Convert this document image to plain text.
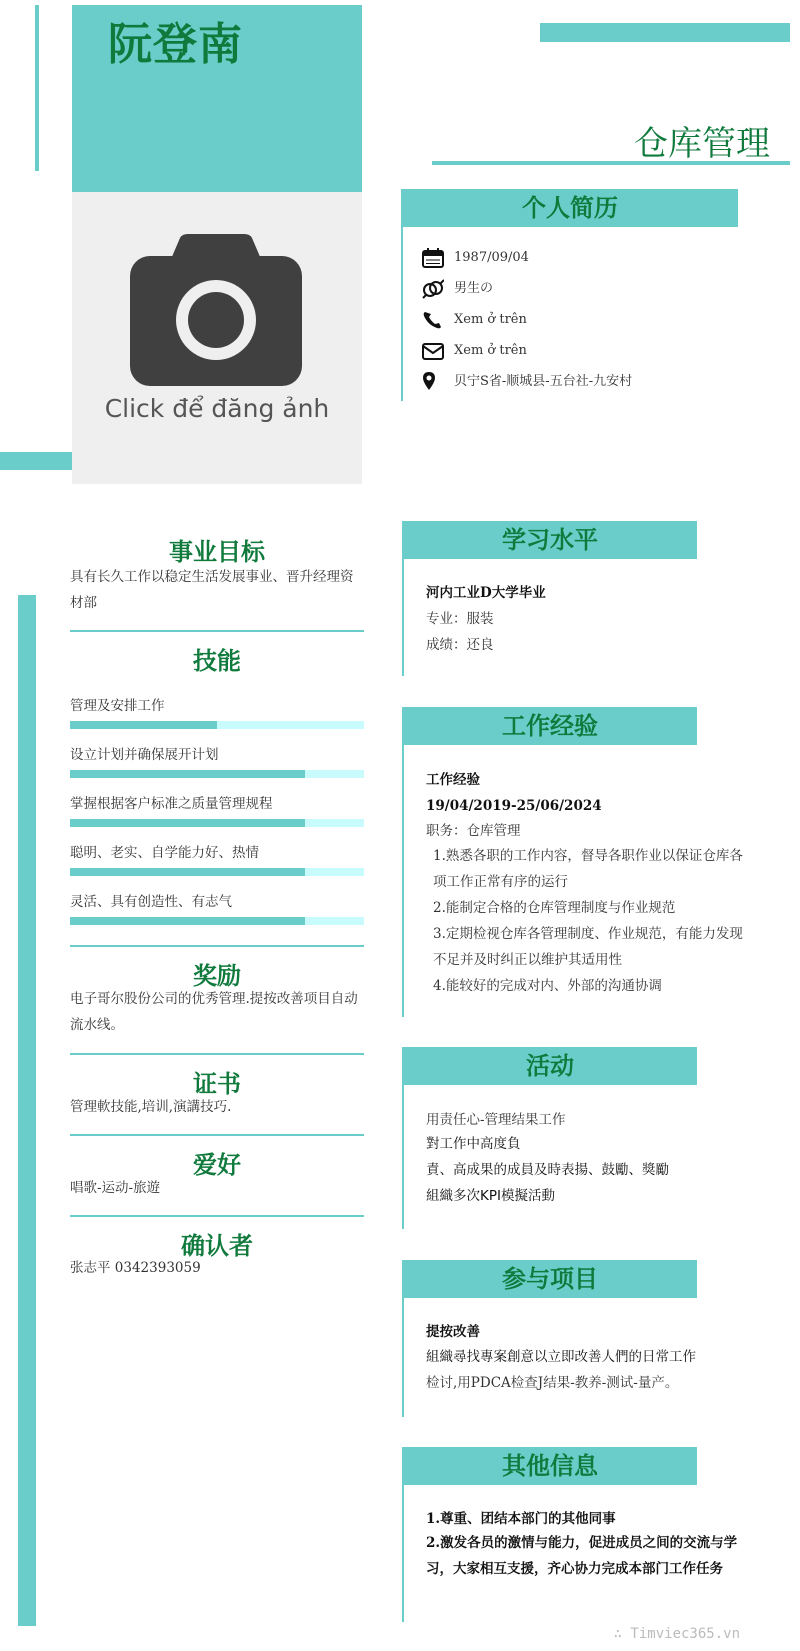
阮登南
仓库管理
Click để đăng ảnh
个人简历
1987/09/04
男生の
Xem ở trên
Xem ở trên
贝宁S省-顺城县-五台社-九安村
事业目标
具有长久工作以稳定生活发展事业、晋升经理资材部
技能
管理及安排工作
设立计划并确保展开计划
掌握根据客户标准之质量管理规程
聪明、老实、自学能力好、热情
灵活、具有创造性、有志气
奖励
电子哥尔股份公司的优秀管理.提按改善项目自动流水线。
证书
管理軟技能,培训,演講技巧.
爱好
唱歌-运动-旅遊
确认者
张志平 0342393059
学习水平
河内工业D大学毕业
专业：服装
成绩：还良
工作经验
工作经验
19/04/2019-25/06/2024
职务：仓库管理
1.熟悉各职的工作内容，督导各职作业以保证仓库各项工作正常有序的运行
2.能制定合格的仓库管理制度与作业规范
3.定期检视仓库各管理制度、作业规范，有能力发现不足并及时纠正以维护其适用性
4.能较好的完成对内、外部的沟通协调
活动
用责任心-管理结果工作
對工作中高度負
責、高成果的成員及時表揚、鼓勵、獎勵
組織多次KPI模擬活動
参与项目
提按改善
組織尋找專案創意以立即改善人們的日常工作
检讨,用PDCA检查J结果-教养-测试-量产。
其他信息
1.尊重、团结本部门的其他同事
2.激发各员的激情与能力，促进成员之间的交流与学习，大家相互支援，齐心协力完成本部门工作任务
∴ Timviec365.vn
